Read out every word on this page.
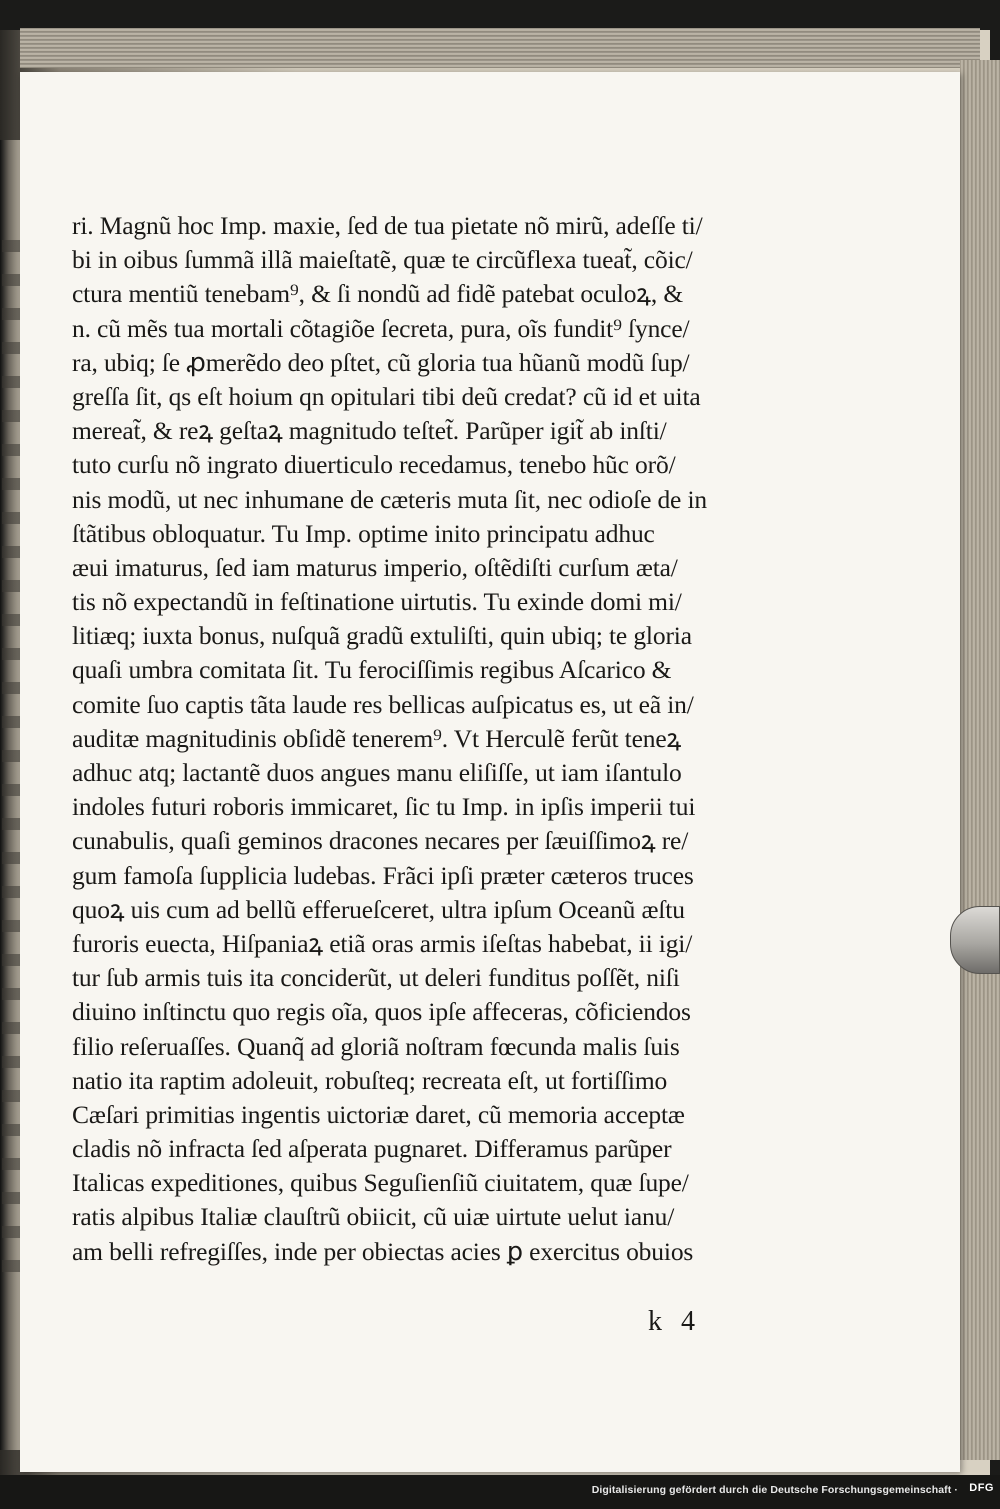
ri. Magnũ hoc Imp. maxie, ſed de tua pietate nõ mirũ, adeſſe ti/
bi in oibus ſummã illã maieſtatẽ, quæ te circũflexa tueat̃, cõic/
ctura mentiũ tenebam⁹, & ſi nondũ ad fidẽ patebat oculoꝝ, &
n. cũ mẽs tua mortali cõtagiõe ſecreta, pura, oĩs fundit⁹ ſynce/
ra, ubiq; ſe ꝓmerẽdo deo pſtet, cũ gloria tua hũanũ modũ ſup/
greſſa ſit, qs eſt hoium qn opitulari tibi deũ credat? cũ id et uita
mereat̃, & reꝝ geſtaꝝ magnitudo teſtet̃. Parũper igit̃ ab inſti/
tuto curſu nõ ingrato diuerticulo recedamus, tenebo hũc orõ/
nis modũ, ut nec inhumane de cæteris muta ſit, nec odioſe de in
ſtãtibus obloquatur. Tu Imp. optime inito principatu adhuc
æui imaturus, ſed iam maturus imperio, oſtẽdiſti curſum æta/
tis nõ expectandũ in feſtinatione uirtutis. Tu exinde domi mi/
litiæq; iuxta bonus, nuſquã gradũ extuliſti, quin ubiq; te gloria
quaſi umbra comitata ſit. Tu ferociſſimis regibus Aſcarico &
comite ſuo captis tãta laude res bellicas auſpicatus es, ut eã in/
auditæ magnitudinis obſidẽ tenerem⁹. Vt Herculẽ ferũt teneꝝ
adhuc atq; lactantẽ duos angues manu eliſiſſe, ut iam iſantulo
indoles futuri roboris immicaret, ſic tu Imp. in ipſis imperii tui
cunabulis, quaſi geminos dracones necares per ſæuiſſimoꝝ re/
gum famoſa ſupplicia ludebas. Frãci ipſi præter cæteros truces
quoꝝ uis cum ad bellũ efferueſceret, ultra ipſum Oceanũ æſtu
furoris euecta, Hiſpaniaꝝ etiã oras armis iſeſtas habebat, ii igi/
tur ſub armis tuis ita conciderũt, ut deleri funditus poſſẽt, niſi
diuino inſtinctu quo regis oĩa, quos ipſe affeceras, cõficiendos
filio reſeruaſſes. Quanq̃ ad gloriã noſtram fœcunda malis ſuis
natio ita raptim adoleuit, robuſteq; recreata eſt, ut fortiſſimo
Cæſari primitias ingentis uictoriæ daret, cũ memoria acceptæ
cladis nõ infracta ſed aſperata pugnaret. Differamus parũper
Italicas expeditiones, quibus Seguſienſiũ ciuitatem, quæ ſupe/
ratis alpibus Italiæ clauſtrũ obiicit, cũ uiæ uirtute uelut ianu/
am belli refregiſſes, inde per obiectas acies ꝑ exercitus obuios
k 4
Digitalisierung gefördert durch die Deutsche Forschungsgemeinschaft · DFG
